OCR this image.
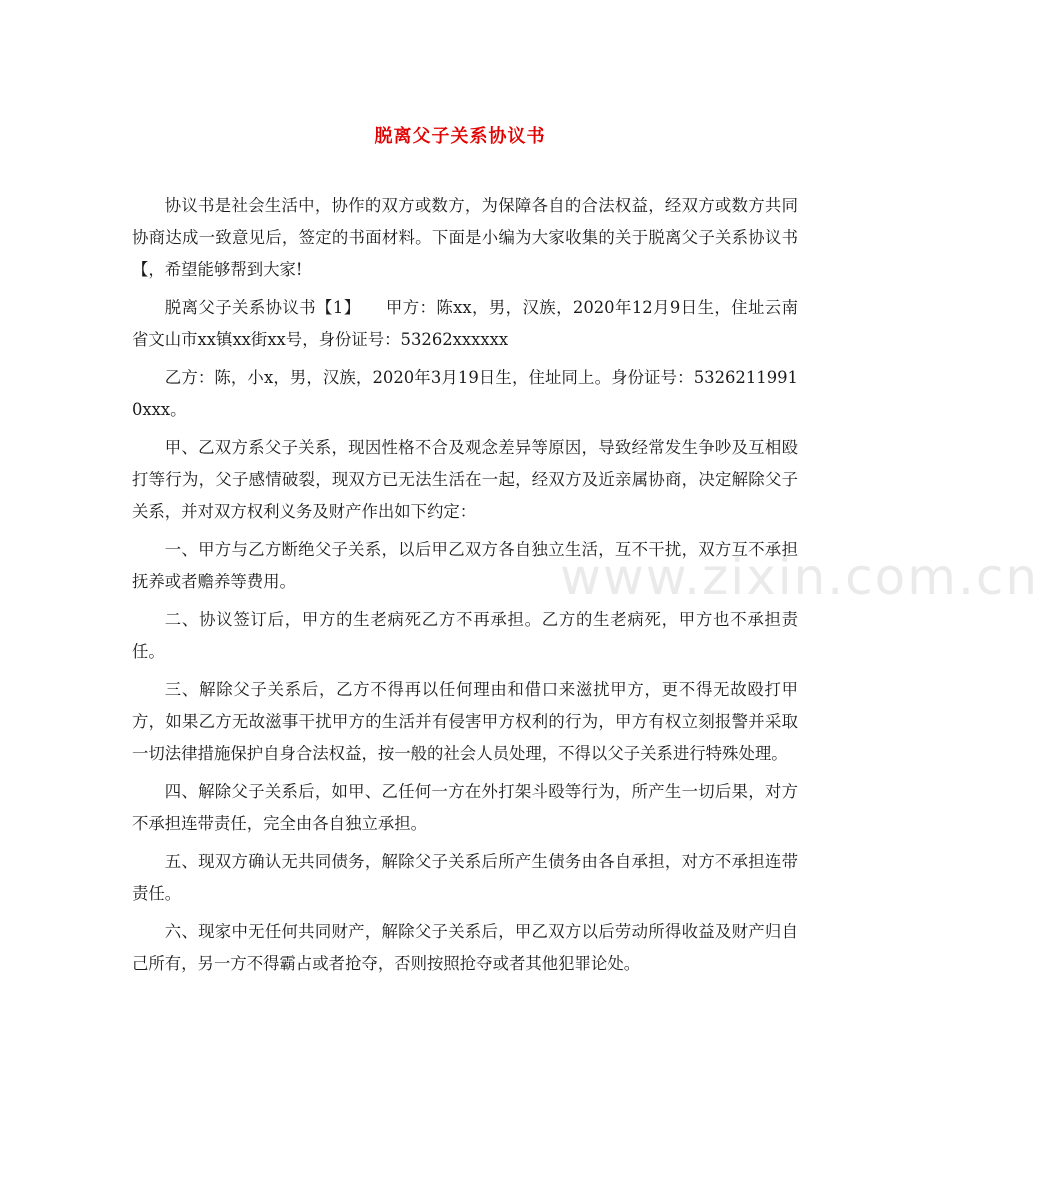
脱离父子关系协议书

协议书是社会生活中，协作的双方或数方，为保障各自的合法权益，经双方或数方共同协商达成一致意见后，签定的书面材料。下面是小编为大家收集的关于脱离父子关系协议书【，希望能够帮到大家!

脱离父子关系协议书【1】　　甲方：陈xx，男，汉族，2020年12月9日生，住址云南省文山市xx镇xx街xx号，身份证号：53262xxxxxx

乙方：陈，小x，男，汉族，2020年3月19日生，住址同上。身份证号：53262119910xxx。

甲、乙双方系父子关系，现因性格不合及观念差异等原因，导致经常发生争吵及互相殴打等行为，父子感情破裂，现双方已无法生活在一起，经双方及近亲属协商，决定解除父子关系，并对双方权利义务及财产作出如下约定：

一、甲方与乙方断绝父子关系，以后甲乙双方各自独立生活，互不干扰，双方互不承担抚养或者赡养等费用。

二、协议签订后，甲方的生老病死乙方不再承担。乙方的生老病死，甲方也不承担责任。

三、解除父子关系后，乙方不得再以任何理由和借口来滋扰甲方，更不得无故殴打甲方，如果乙方无故滋事干扰甲方的生活并有侵害甲方权利的行为，甲方有权立刻报警并采取一切法律措施保护自身合法权益，按一般的社会人员处理，不得以父子关系进行特殊处理。

四、解除父子关系后，如甲、乙任何一方在外打架斗殴等行为，所产生一切后果，对方不承担连带责任，完全由各自独立承担。

五、现双方确认无共同债务，解除父子关系后所产生债务由各自承担，对方不承担连带责任。

六、现家中无任何共同财产，解除父子关系后，甲乙双方以后劳动所得收益及财产归自己所有，另一方不得霸占或者抢夺，否则按照抢夺或者其他犯罪论处。

www.zixin.com.cn
